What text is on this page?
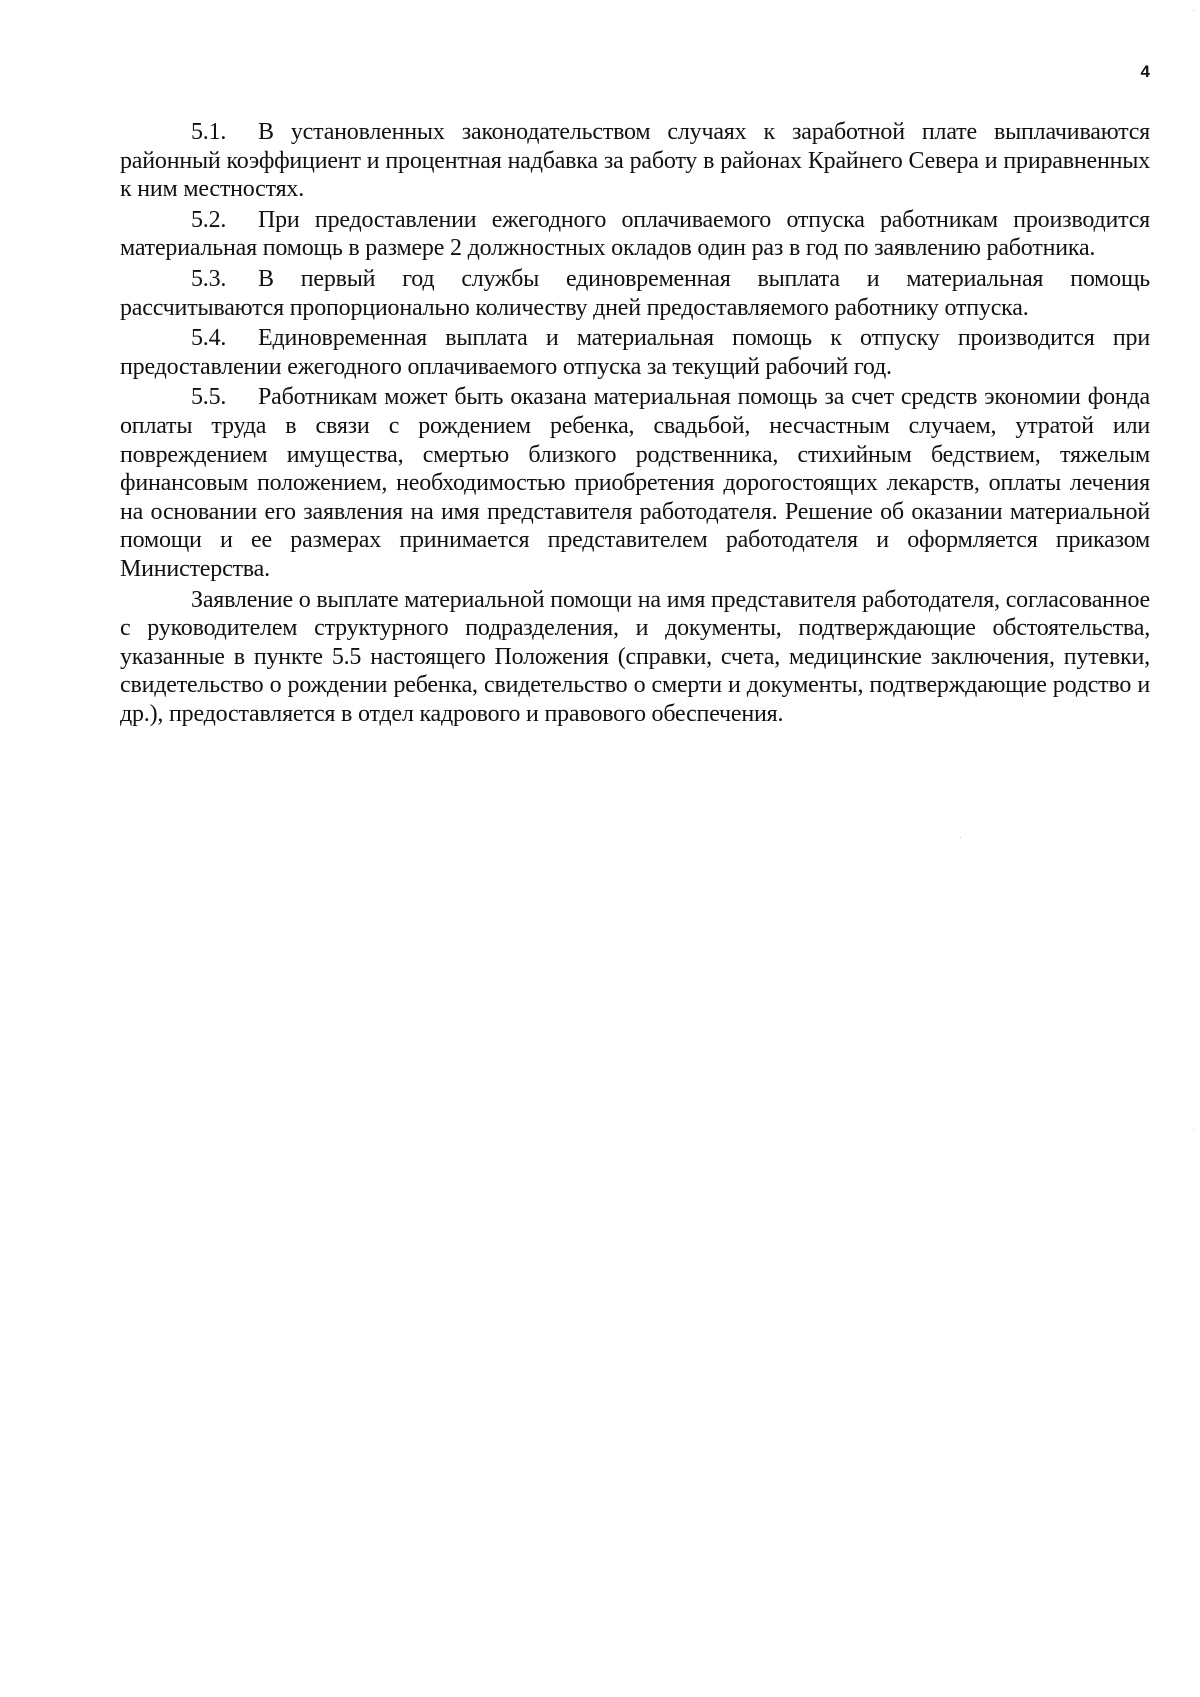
4

5.1. В установленных законодательством случаях к заработной плате выплачиваются районный коэффициент и процентная надбавка за работу в районах Крайнего Севера и приравненных к ним местностях.

5.2. При предоставлении ежегодного оплачиваемого отпуска работникам производится материальная помощь в размере 2 должностных окладов один раз в год по заявлению работника.

5.3. В первый год службы единовременная выплата и материальная помощь рассчитываются пропорционально количеству дней предоставляемого работнику отпуска.

5.4. Единовременная выплата и материальная помощь к отпуску производится при предоставлении ежегодного оплачиваемого отпуска за текущий рабочий год.

5.5. Работникам может быть оказана материальная помощь за счет средств экономии фонда оплаты труда в связи с рождением ребенка, свадьбой, несчастным случаем, утратой или повреждением имущества, смертью близкого родственника, стихийным бедствием, тяжелым финансовым положением, необходимостью приобретения дорогостоящих лекарств, оплаты лечения на основании его заявления на имя представителя работодателя. Решение об оказании материальной помощи и ее размерах принимается представителем работодателя и оформляется приказом Министерства.

Заявление о выплате материальной помощи на имя представителя работодателя, согласованное с руководителем структурного подразделения, и документы, подтверждающие обстоятельства, указанные в пункте 5.5 настоящего Положения (справки, счета, медицинские заключения, путевки, свидетельство о рождении ребенка, свидетельство о смерти и документы, подтверждающие родство и др.), предоставляется в отдел кадрового и правового обеспечения.
